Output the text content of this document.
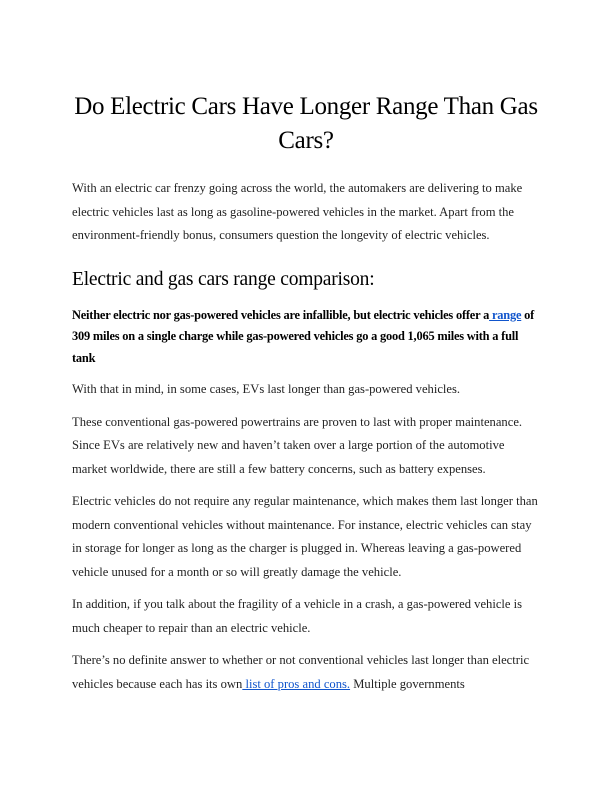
Do Electric Cars Have Longer Range Than Gas Cars?

With an electric car frenzy going across the world, the automakers are delivering to make electric vehicles last as long as gasoline-powered vehicles in the market. Apart from the environment-friendly bonus, consumers question the longevity of electric vehicles.

Electric and gas cars range comparison:

Neither electric nor gas-powered vehicles are infallible, but electric vehicles offer a range of 309 miles on a single charge while gas-powered vehicles go a good 1,065 miles with a full tank

With that in mind, in some cases, EVs last longer than gas-powered vehicles.

These conventional gas-powered powertrains are proven to last with proper maintenance. Since EVs are relatively new and haven’t taken over a large portion of the automotive market worldwide, there are still a few battery concerns, such as battery expenses.

Electric vehicles do not require any regular maintenance, which makes them last longer than modern conventional vehicles without maintenance. For instance, electric vehicles can stay in storage for longer as long as the charger is plugged in. Whereas leaving a gas-powered vehicle unused for a month or so will greatly damage the vehicle.

In addition, if you talk about the fragility of a vehicle in a crash, a gas-powered vehicle is much cheaper to repair than an electric vehicle.

There’s no definite answer to whether or not conventional vehicles last longer than electric vehicles because each has its own list of pros and cons. Multiple governments
